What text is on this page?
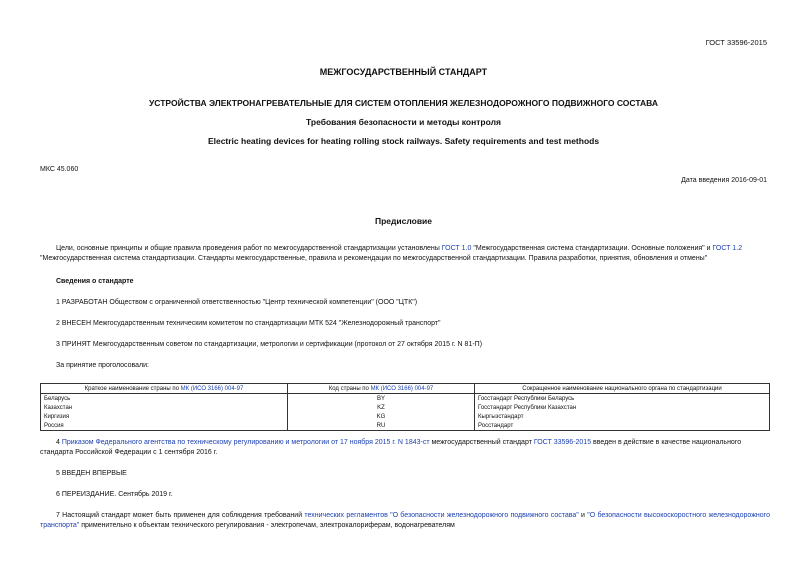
ГОСТ 33596-2015
МЕЖГОСУДАРСТВЕННЫЙ СТАНДАРТ
УСТРОЙСТВА ЭЛЕКТРОНАГРЕВАТЕЛЬНЫЕ ДЛЯ СИСТЕМ ОТОПЛЕНИЯ ЖЕЛЕЗНОДОРОЖНОГО ПОДВИЖНОГО СОСТАВА
Требования безопасности и методы контроля
Electric heating devices for heating rolling stock railways. Safety requirements and test methods
МКС 45.060
Дата введения 2016-09-01
Предисловие
Цели, основные принципы и общие правила проведения работ по межгосударственной стандартизации установлены ГОСТ 1.0 "Межгосударственная система стандартизации. Основные положения" и ГОСТ 1.2 "Межгосударственная система стандартизации. Стандарты межгосударственные, правила и рекомендации по межгосударственной стандартизации. Правила разработки, принятия, обновления и отмены"
Сведения о стандарте
1 РАЗРАБОТАН Обществом с ограниченной ответственностью "Центр технической компетенции" (ООО "ЦТК")
2 ВНЕСЕН Межгосударственным техническим комитетом по стандартизации МТК 524 "Железнодорожный транспорт"
3 ПРИНЯТ Межгосударственным советом по стандартизации, метрологии и сертификации (протокол от 27 октября 2015 г. N 81-П)
За принятие проголосовали:
Краткое наименование страны по МК (ИСО 3166) 004-97	Код страны по МК (ИСО 3166) 004-97	Сокращенное наименование национального органа по стандартизации
Беларусь	BY	Госстандарт Республики Беларусь
Казахстан	KZ	Госстандарт Республики Казахстан
Киргизия	KG	Кыргызстандарт
Россия	RU	Росстандарт
4 Приказом Федерального агентства по техническому регулированию и метрологии от 17 ноября 2015 г. N 1843-ст межгосударственный стандарт ГОСТ 33596-2015 введен в действие в качестве национального стандарта Российской Федерации с 1 сентября 2016 г.
5 ВВЕДЕН ВПЕРВЫЕ
6 ПЕРЕИЗДАНИЕ. Сентябрь 2019 г.
7 Настоящий стандарт может быть применен для соблюдения требований технических регламентов "О безопасности железнодорожного подвижного состава" и "О безопасности высокоскоростного железнодорожного транспорта" применительно к объектам технического регулирования - электропечам, электрокалориферам, водонагревателям
